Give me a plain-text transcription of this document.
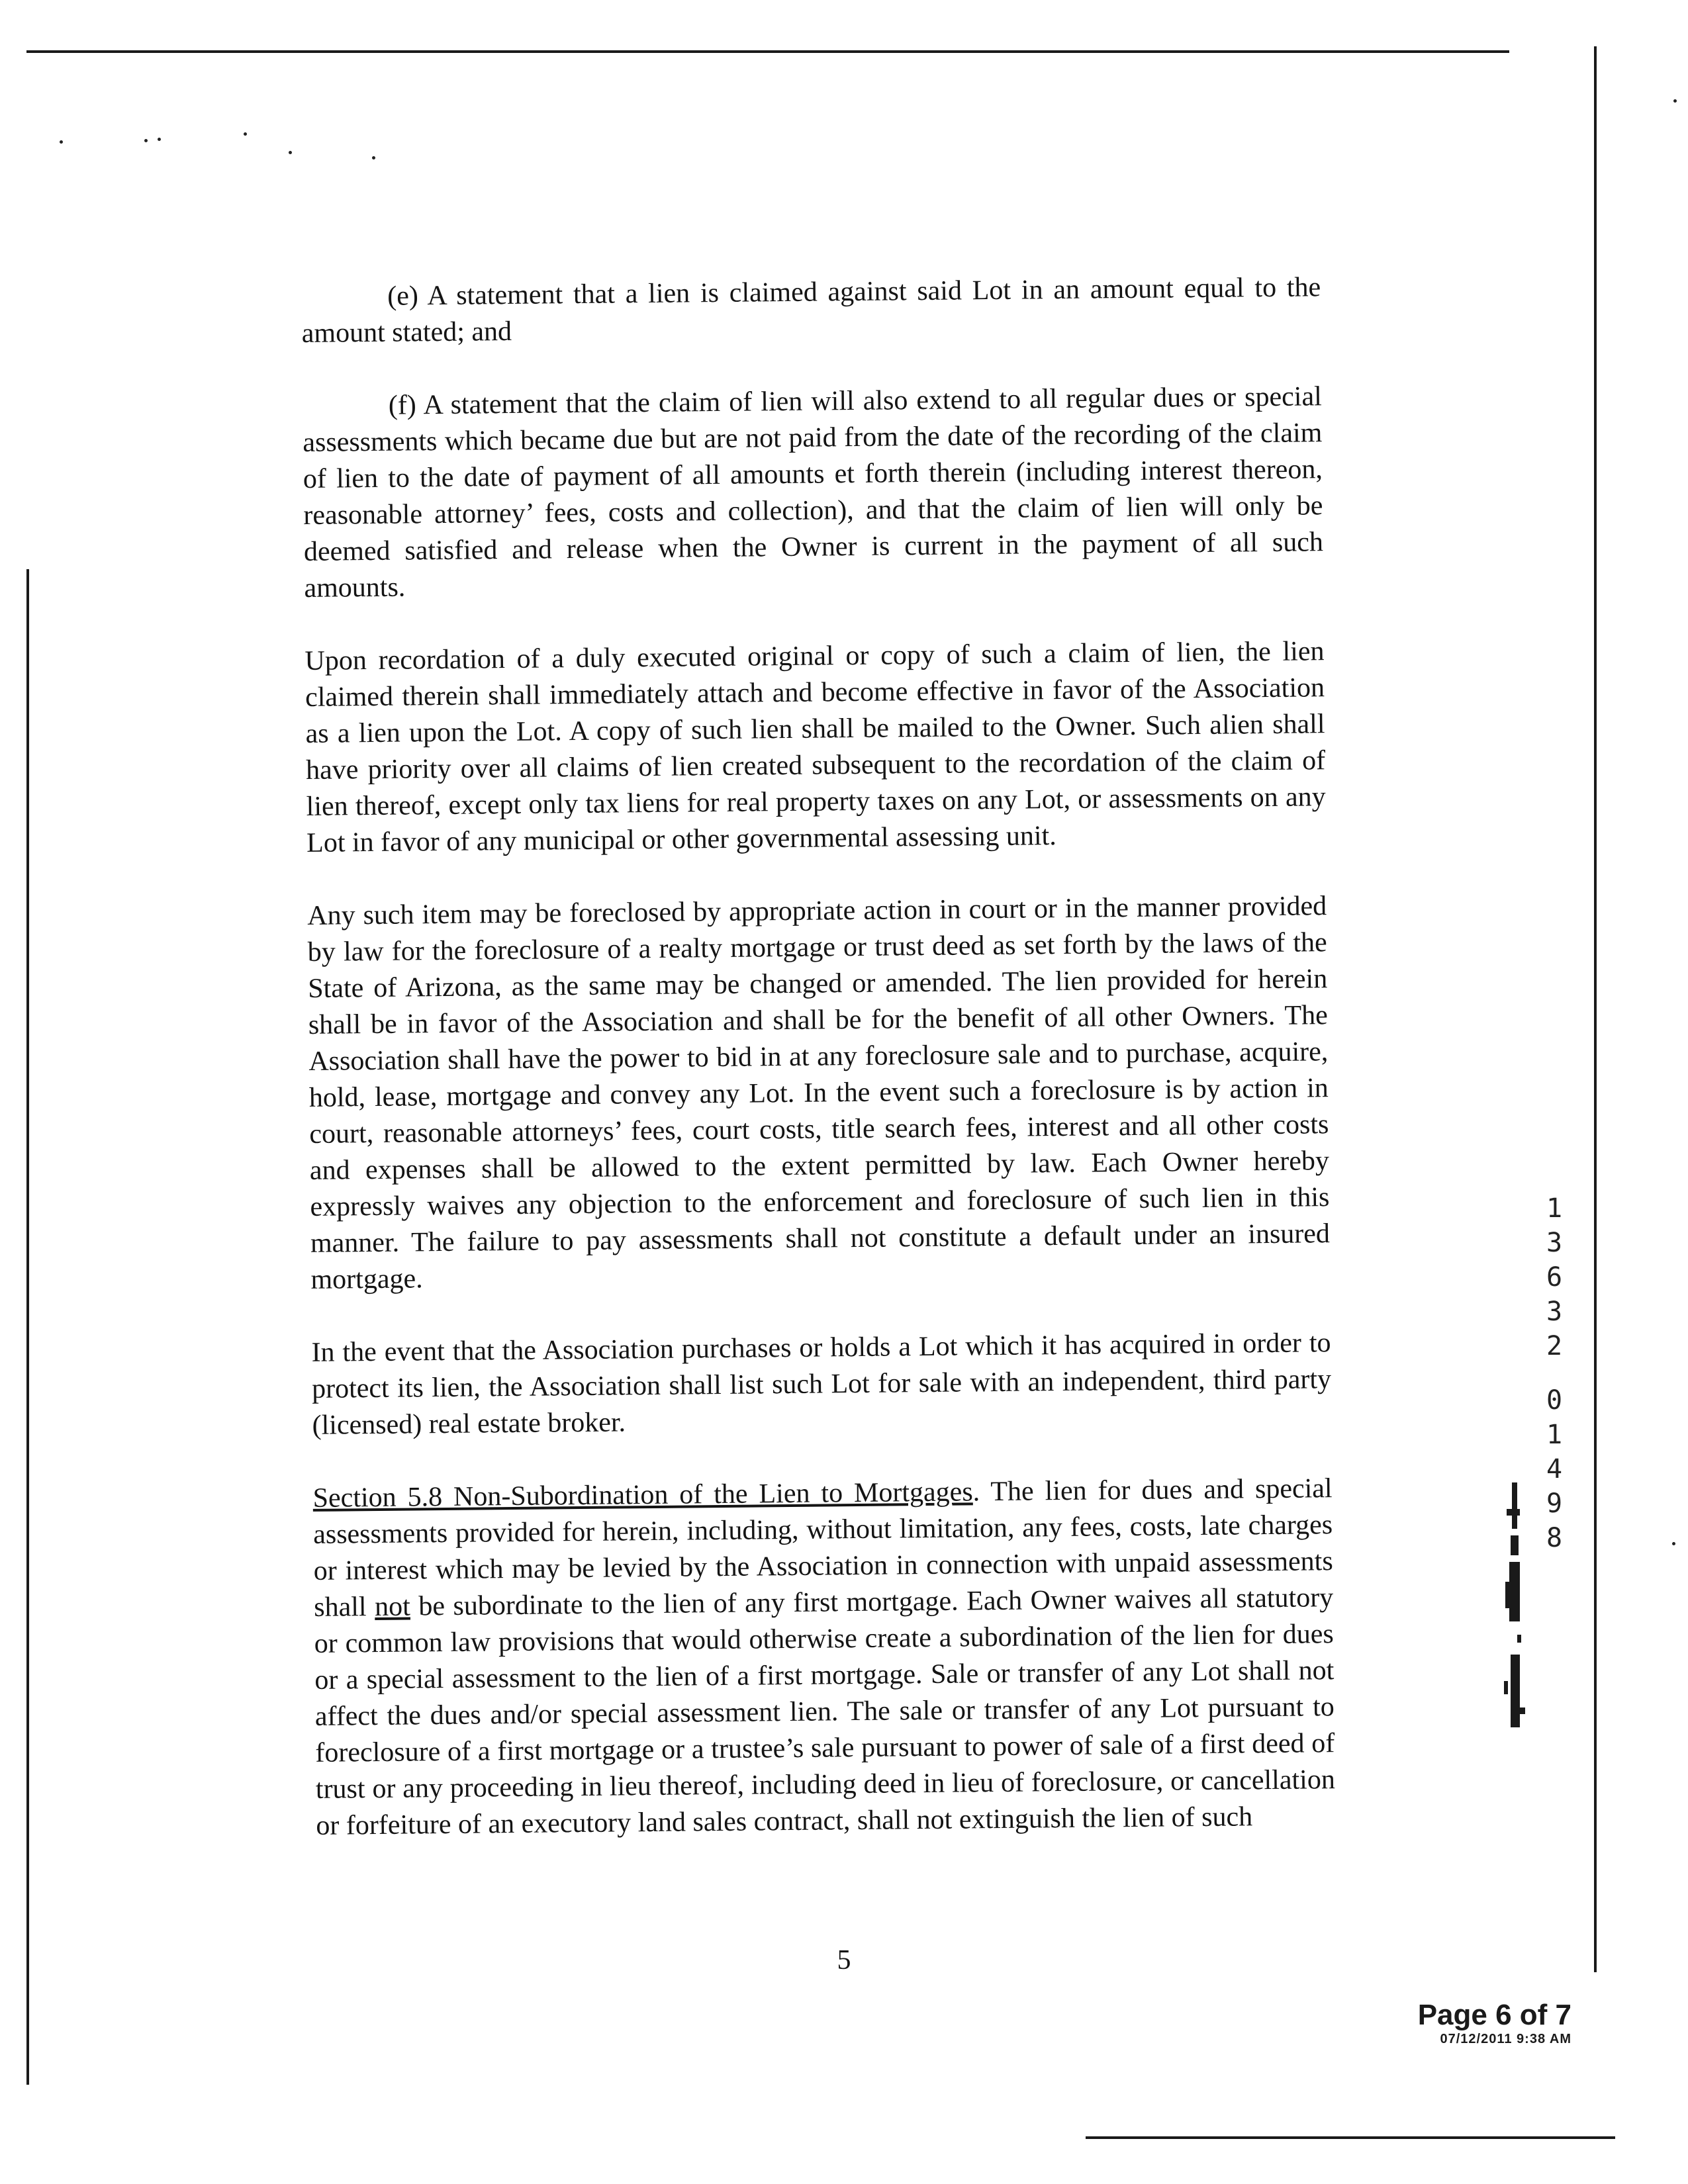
(e) A statement that a lien is claimed against said Lot in an amount equal to the amount stated; and

(f) A statement that the claim of lien will also extend to all regular dues or special assessments which became due but are not paid from the date of the recording of the claim of lien to the date of payment of all amounts et forth therein (including interest thereon, reasonable attorney’ fees, costs and collection), and that the claim of lien will only be deemed satisfied and release when the Owner is current in the payment of all such amounts.

Upon recordation of a duly executed original or copy of such a claim of lien, the lien claimed therein shall immediately attach and become effective in favor of the Association as a lien upon the Lot. A copy of such lien shall be mailed to the Owner. Such alien shall have priority over all claims of lien created subsequent to the recordation of the claim of lien thereof, except only tax liens for real property taxes on any Lot, or assessments on any Lot in favor of any municipal or other governmental assessing unit.

Any such item may be foreclosed by appropriate action in court or in the manner provided by law for the foreclosure of a realty mortgage or trust deed as set forth by the laws of the State of Arizona, as the same may be changed or amended. The lien provided for herein shall be in favor of the Association and shall be for the benefit of all other Owners. The Association shall have the power to bid in at any foreclosure sale and to purchase, acquire, hold, lease, mortgage and convey any Lot. In the event such a foreclosure is by action in court, reasonable attorneys’ fees, court costs, title search fees, interest and all other costs and expenses shall be allowed to the extent permitted by law. Each Owner hereby expressly waives any objection to the enforcement and foreclosure of such lien in this manner. The failure to pay assessments shall not constitute a default under an insured mortgage.

In the event that the Association purchases or holds a Lot which it has acquired in order to protect its lien, the Association shall list such Lot for sale with an independent, third party (licensed) real estate broker.

Section 5.8 Non-Subordination of the Lien to Mortgages. The lien for dues and special assessments provided for herein, including, without limitation, any fees, costs, late charges or interest which may be levied by the Association in connection with unpaid assessments shall not be subordinate to the lien of any first mortgage. Each Owner waives all statutory or common law provisions that would otherwise create a subordination of the lien for dues or a special assessment to the lien of a first mortgage. Sale or transfer of any Lot shall not affect the dues and/or special assessment lien. The sale or transfer of any Lot pursuant to foreclosure of a first mortgage or a trustee’s sale pursuant to power of sale of a first deed of trust or any proceeding in lieu thereof, including deed in lieu of foreclosure, or cancellation or forfeiture of an executory land sales contract, shall not extinguish the lien of such

1
3
6
3
2
0
1
4
9
8
5
Page 6 of 7
07/12/2011 9:38 AM
